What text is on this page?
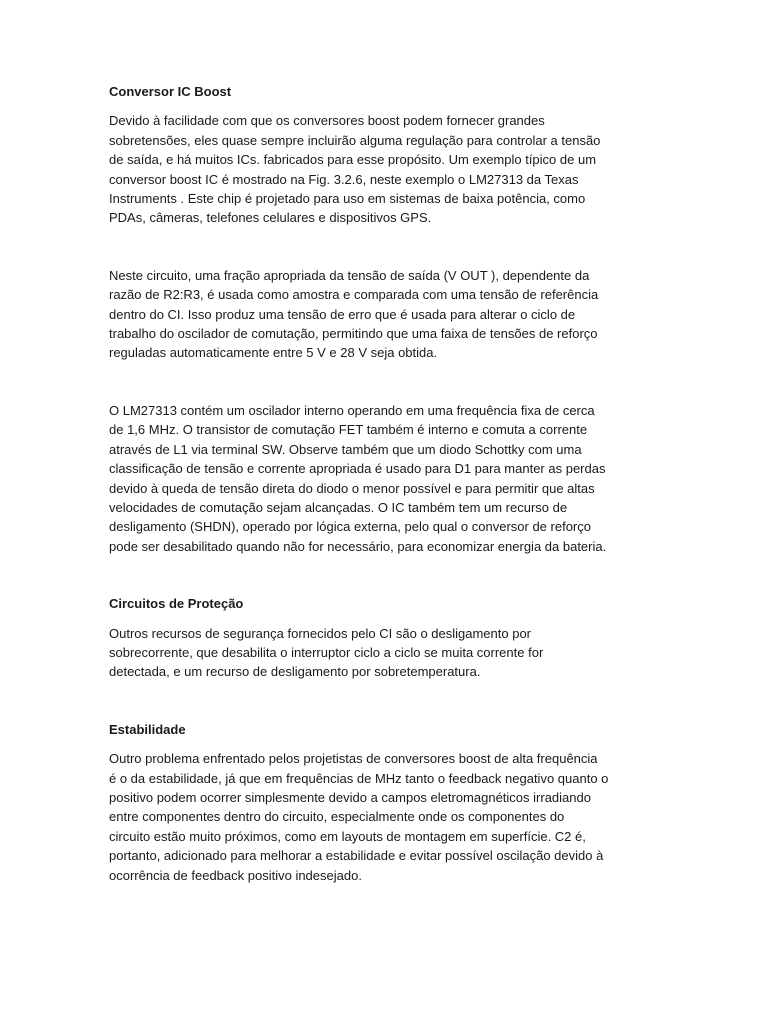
Conversor IC Boost

Devido à facilidade com que os conversores boost podem fornecer grandes
sobretensões, eles quase sempre incluirão alguma regulação para controlar a tensão
de saída, e há muitos ICs. fabricados para esse propósito. Um exemplo típico de um
conversor boost IC é mostrado na Fig. 3.2.6, neste exemplo o LM27313 da Texas
Instruments . Este chip é projetado para uso em sistemas de baixa potência, como
PDAs, câmeras, telefones celulares e dispositivos GPS.

Neste circuito, uma fração apropriada da tensão de saída (V OUT ), dependente da
razão de R2:R3, é usada como amostra e comparada com uma tensão de referência
dentro do CI. Isso produz uma tensão de erro que é usada para alterar o ciclo de
trabalho do oscilador de comutação, permitindo que uma faixa de tensões de reforço
reguladas automaticamente entre 5 V e 28 V seja obtida.

O LM27313 contém um oscilador interno operando em uma frequência fixa de cerca
de 1,6 MHz. O transistor de comutação FET também é interno e comuta a corrente
através de L1 via terminal SW. Observe também que um diodo Schottky com uma
classificação de tensão e corrente apropriada é usado para D1 para manter as perdas
devido à queda de tensão direta do diodo o menor possível e para permitir que altas
velocidades de comutação sejam alcançadas. O IC também tem um recurso de
desligamento (SHDN), operado por lógica externa, pelo qual o conversor de reforço
pode ser desabilitado quando não for necessário, para economizar energia da bateria.

Circuitos de Proteção

Outros recursos de segurança fornecidos pelo CI são o desligamento por
sobrecorrente, que desabilita o interruptor ciclo a ciclo se muita corrente for
detectada, e um recurso de desligamento por sobretemperatura.

Estabilidade

Outro problema enfrentado pelos projetistas de conversores boost de alta frequência
é o da estabilidade, já que em frequências de MHz tanto o feedback negativo quanto o
positivo podem ocorrer simplesmente devido a campos eletromagnéticos irradiando
entre componentes dentro do circuito, especialmente onde os componentes do
circuito estão muito próximos, como em layouts de montagem em superfície. C2 é,
portanto, adicionado para melhorar a estabilidade e evitar possível oscilação devido à
ocorrência de feedback positivo indesejado.
